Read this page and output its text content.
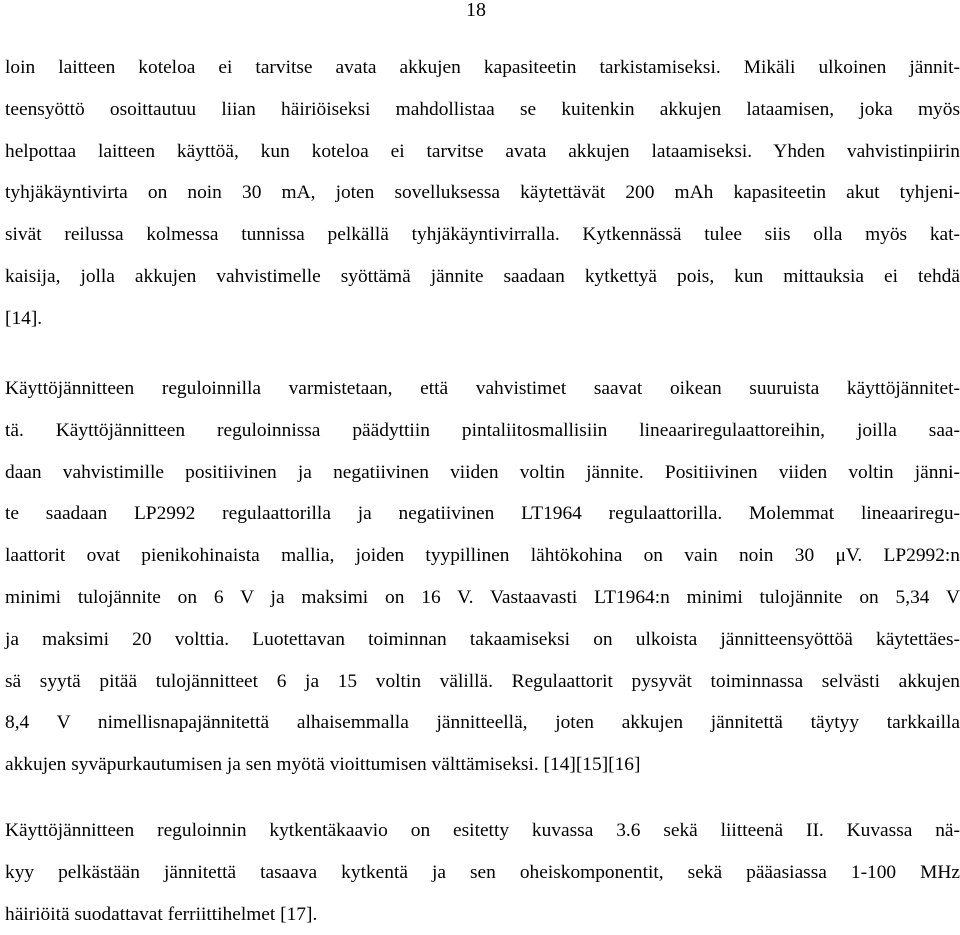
18
loin laitteen koteloa ei tarvitse avata akkujen kapasiteetin tarkistamiseksi. Mikäli ulkoinen jännit-
teensyöttö osoittautuu liian häiriöiseksi mahdollistaa se kuitenkin akkujen lataamisen, joka myös
helpottaa laitteen käyttöä, kun koteloa ei tarvitse avata akkujen lataamiseksi. Yhden vahvistinpiirin
tyhjäkäyntivirta on noin 30 mA, joten sovelluksessa käytettävät 200 mAh kapasiteetin akut tyhjeni-
sivät reilussa kolmessa tunnissa pelkällä tyhjäkäyntivirralla. Kytkennässä tulee siis olla myös kat-
kaisija, jolla akkujen vahvistimelle syöttämä jännite saadaan kytkettyä pois, kun mittauksia ei tehdä
[14].
Käyttöjännitteen reguloinnilla varmistetaan, että vahvistimet saavat oikean suuruista käyttöjännitet-
tä. Käyttöjännitteen reguloinnissa päädyttiin pintaliitosmallisiin lineaariregulaattoreihin, joilla saa-
daan vahvistimille positiivinen ja negatiivinen viiden voltin jännite. Positiivinen viiden voltin jänni-
te saadaan LP2992 regulaattorilla ja negatiivinen LT1964 regulaattorilla. Molemmat lineaariregu-
laattorit ovat pienikohinaista mallia, joiden tyypillinen lähtökohina on vain noin 30 μV. LP2992:n
minimi tulojännite on 6 V ja maksimi on 16 V. Vastaavasti LT1964:n minimi tulojännite on 5,34 V
ja maksimi 20 volttia. Luotettavan toiminnan takaamiseksi on ulkoista jännitteensyöttöä käytettäes-
sä syytä pitää tulojännitteet 6 ja 15 voltin välillä. Regulaattorit pysyvät toiminnassa selvästi akkujen
8,4 V nimellisnapajännitettä alhaisemmalla jännitteellä, joten akkujen jännitettä täytyy tarkkailla
akkujen syväpurkautumisen ja sen myötä vioittumisen välttämiseksi. [14][15][16]
Käyttöjännitteen reguloinnin kytkentäkaavio on esitetty kuvassa 3.6 sekä liitteenä II. Kuvassa nä-
kyy pelkästään jännitettä tasaava kytkentä ja sen oheiskomponentit, sekä pääasiassa 1-100 MHz
häiriöitä suodattavat ferriittihelmet [17].
